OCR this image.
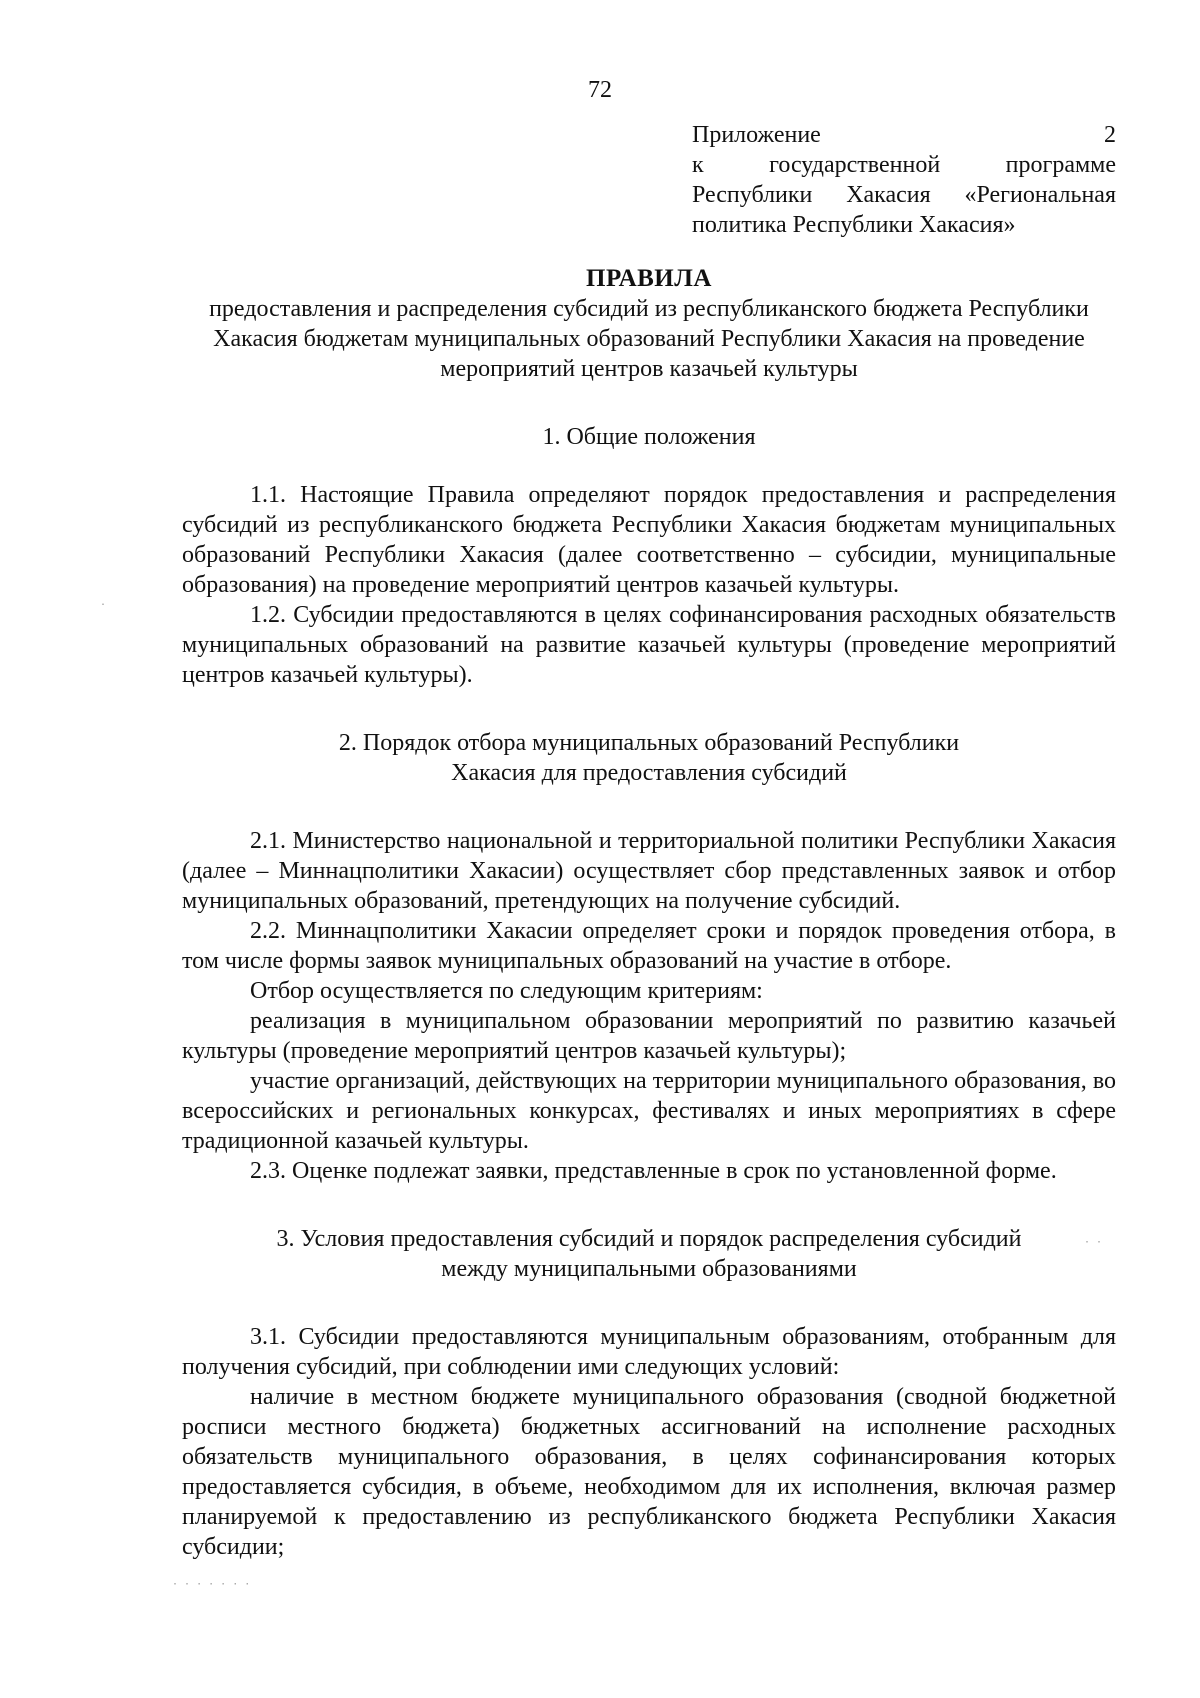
72
Приложение 2
к государственной программе
Республики Хакасия «Региональная
политика Республики Хакасия»
ПРАВИЛА

предоставления и распределения субсидий из республиканского бюджета Республики Хакасия бюджетам муниципальных образований Республики Хакасия на проведение мероприятий центров казачьей культуры

1. Общие положения

1.1. Настоящие Правила определяют порядок предоставления и распределения субсидий из республиканского бюджета Республики Хакасия бюджетам муниципальных образований Республики Хакасия (далее соответственно – субсидии, муниципальные образования) на проведение мероприятий центров казачьей культуры.

1.2. Субсидии предоставляются в целях софинансирования расходных обязательств муниципальных образований на развитие казачьей культуры (проведение мероприятий центров казачьей культуры).

2. Порядок отбора муниципальных образований Республики Хакасия для предоставления субсидий

2.1. Министерство национальной и территориальной политики Республики Хакасия (далее – Миннацполитики Хакасии) осуществляет сбор представленных заявок и отбор муниципальных образований, претендующих на получение субсидий.

2.2. Миннацполитики Хакасии определяет сроки и порядок проведения отбора, в том числе формы заявок муниципальных образований на участие в отборе.

Отбор осуществляется по следующим критериям:

реализация в муниципальном образовании мероприятий по развитию казачьей культуры (проведение мероприятий центров казачьей культуры);

участие организаций, действующих на территории муниципального образования, во всероссийских и региональных конкурсах, фестивалях и иных мероприятиях в сфере традиционной казачьей культуры.

2.3. Оценке подлежат заявки, представленные в срок по установленной форме.

3. Условия предоставления субсидий и порядок распределения субсидий между муниципальными образованиями

3.1. Субсидии предоставляются муниципальным образованиям, отобранным для получения субсидий, при соблюдении ими следующих условий:

наличие в местном бюджете муниципального образования (сводной бюджетной росписи местного бюджета) бюджетных ассигнований на исполнение расходных обязательств муниципального образования, в целях софинансирования которых предоставляется субсидия, в объеме, необходимом для их исполнения, включая размер планируемой к предоставлению из республиканского бюджета Республики Хакасия субсидии;

.
· ·
· · · · · · ·
